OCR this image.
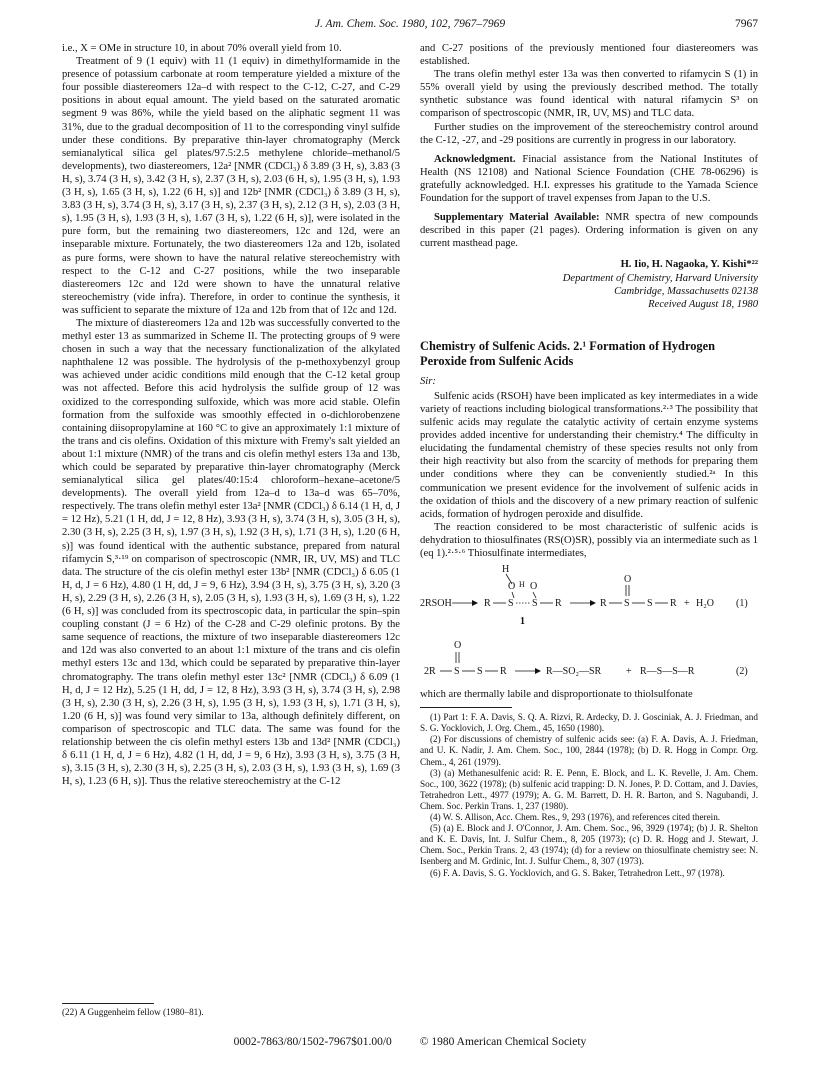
J. Am. Chem. Soc. 1980, 102, 7967–7969	7967

i.e., X = OMe in structure 10, in about 70% overall yield from 10.

Treatment of 9 (1 equiv) with 11 (1 equiv) in dimethylformamide in the presence of potassium carbonate at room temperature yielded a mixture of the four possible diastereomers 12a–d with respect to the C-12, C-27, and C-29 positions in about equal amount. The yield based on the saturated aromatic segment 9 was 86%, while the yield based on the aliphatic segment 11 was 31%, due to the gradual decomposition of 11 to the corresponding vinyl sulfide under these conditions. By preparative thin-layer chromatography (Merck semianalytical silica gel plates/97.5:2.5 methylene chloride–methanol/5 developments), two diastereomers, 12a² [NMR (CDCl₃) δ 3.89 (3 H, s), 3.83 (3 H, s), 3.74 (3 H, s), 3.42 (3 H, s), 2.37 (3 H, s), 2.03 (6 H, s), 1.95 (3 H, s), 1.93 (3 H, s), 1.65 (3 H, s), 1.22 (6 H, s)] and 12b² [NMR (CDCl₃) δ 3.89 (3 H, s), 3.83 (3 H, s), 3.74 (3 H, s), 3.17 (3 H, s), 2.37 (3 H, s), 2.12 (3 H, s), 2.03 (3 H, s), 1.95 (3 H, s), 1.93 (3 H, s), 1.67 (3 H, s), 1.22 (6 H, s)], were isolated in the pure form, but the remaining two diastereomers, 12c and 12d, were an inseparable mixture. Fortunately, the two diastereomers 12a and 12b, isolated as pure forms, were shown to have the natural relative stereochemistry with respect to the C-12 and C-27 positions, while the two inseparable diastereomers 12c and 12d were shown to have the unnatural relative stereochemistry (vide infra). Therefore, in order to continue the synthesis, it was sufficient to separate the mixture of 12a and 12b from that of 12c and 12d.

The mixture of diastereomers 12a and 12b was successfully converted to the methyl ester 13 as summarized in Scheme II. The protecting groups of 9 were chosen in such a way that the necessary functionalization of the alkylated naphthalene 12 was possible. The hydrolysis of the p-methoxybenzyl group was achieved under acidic conditions mild enough that the C-12 ketal group was not affected. Before this acid hydrolysis the sulfide group of 12 was oxidized to the corresponding sulfoxide, which was more acid stable. Olefin formation from the sulfoxide was smoothly effected in o-dichlorobenzene containing diisopropylamine at 160 °C to give an approximately 1:1 mixture of the trans and cis olefins. Oxidation of this mixture with Fremy's salt yielded an about 1:1 mixture (NMR) of the trans and cis olefin methyl esters 13a and 13b, which could be separated by preparative thin-layer chromatography (Merck semianalytical silica gel plates/40:15:4 chloroform–hexane–acetone/5 developments). The overall yield from 12a–d to 13a–d was 65–70%, respectively. The trans olefin methyl ester 13a² [NMR (CDCl₃) δ 6.14 (1 H, d, J = 12 Hz), 5.21 (1 H, dd, J = 12, 8 Hz), 3.93 (3 H, s), 3.74 (3 H, s), 3.05 (3 H, s), 2.30 (3 H, s), 2.25 (3 H, s), 1.97 (3 H, s), 1.92 (3 H, s), 1.71 (3 H, s), 1.20 (6 H, s)] was found identical with the authentic substance, prepared from natural rifamycin S,³·¹⁹ on comparison of spectroscopic (NMR, IR, UV, MS) and TLC data. The structure of the cis olefin methyl ester 13b² [NMR (CDCl₃) δ 6.05 (1 H, d, J = 6 Hz), 4.80 (1 H, dd, J = 9, 6 Hz), 3.94 (3 H, s), 3.75 (3 H, s), 3.20 (3 H, s), 2.29 (3 H, s), 2.26 (3 H, s), 2.05 (3 H, s), 1.93 (3 H, s), 1.69 (3 H, s), 1.22 (6 H, s)] was concluded from its spectroscopic data, in particular the spin–spin coupling constant (J = 6 Hz) of the C-28 and C-29 olefinic protons. By the same sequence of reactions, the mixture of two inseparable diastereomers 12c and 12d was also converted to an about 1:1 mixture of the trans and cis olefin methyl esters 13c and 13d, which could be separated by preparative thin-layer chromatography. The trans olefin methyl ester 13c² [NMR (CDCl₃) δ 6.09 (1 H, d, J = 12 Hz), 5.25 (1 H, dd, J = 12, 8 Hz), 3.93 (3 H, s), 3.74 (3 H, s), 2.98 (3 H, s), 2.30 (3 H, s), 2.26 (3 H, s), 1.95 (3 H, s), 1.93 (3 H, s), 1.71 (3 H, s), 1.20 (6 H, s)] was found very similar to 13a, although definitely different, on comparison of spectroscopic and TLC data. The same was found for the relationship between the cis olefin methyl esters 13b and 13d² [NMR (CDCl₃) δ 6.11 (1 H, d, J = 6 Hz), 4.82 (1 H, dd, J = 9, 6 Hz), 3.93 (3 H, s), 3.75 (3 H, s), 3.15 (3 H, s), 2.30 (3 H, s), 2.25 (3 H, s), 2.03 (3 H, s), 1.93 (3 H, s), 1.69 (3 H, s), 1.23 (6 H, s)]. Thus the relative stereochemistry at the C-12

(22) A Guggenheim fellow (1980–81).

and C-27 positions of the previously mentioned four diastereomers was established.

The trans olefin methyl ester 13a was then converted to rifamycin S (1) in 55% overall yield by using the previously described method. The totally synthetic substance was found identical with natural rifamycin S³ on comparison of spectroscopic (NMR, IR, UV, MS) and TLC data.

Further studies on the improvement of the stereochemistry control around the C-12, -27, and -29 positions are currently in progress in our laboratory.

Acknowledgment. Finacial assistance from the National Institutes of Health (NS 12108) and National Science Foundation (CHE 78-06296) is gratefully acknowledged. H.I. expresses his gratitude to the Yamada Science Foundation for the support of travel expenses from Japan to the U.S.

Supplementary Material Available: NMR spectra of new compounds described in this paper (21 pages). Ordering information is given on any current masthead page.

H. Iio, H. Nagaoka, Y. Kishi*²²
Department of Chemistry, Harvard University
Cambridge, Massachusetts 02138
Received August 18, 1980
Chemistry of Sulfenic Acids. 2.¹ Formation of Hydrogen Peroxide from Sulfenic Acids
Sir:

Sulfenic acids (RSOH) have been implicated as key intermediates in a wide variety of reactions including biological transformations.²·³ The possibility that sulfenic acids may regulate the catalytic activity of certain enzyme systems provides added incentive for understanding their chemistry.⁴ The difficulty in elucidating the fundamental chemistry of these species results not only from their high reactivity but also from the scarcity of methods for preparing them under conditions where they can be conveniently studied.²ᵃ In this communication we present evidence for the involvement of sulfenic acids in the oxidation of thiols and the discovery of a new primary reaction of sulfenic acids, formation of hydrogen peroxide and disulfide.

The reaction considered to be most characteristic of sulfenic acids is dehydration to thiosulfinates (RS(O)SR), possibly via an intermediate such as 1 (eq 1).²·⁵·⁶ Thiosulfinate intermediates,

2RSOH
H
O H O
R S S R
1
R S
O
S R + H₂O (1)
2R S
O
S R	R—SO₂—SR + R—S—S—R	(2)

which are thermally labile and disproportionate to thiolsulfonate

(1) Part 1: F. A. Davis, S. Q. A. Rizvi, R. Ardecky, D. J. Gosciniak, A. J. Friedman, and S. G. Yocklovich, J. Org. Chem., 45, 1650 (1980).

(2) For discussions of chemistry of sulfenic acids see: (a) F. A. Davis, A. J. Friedman, and U. K. Nadir, J. Am. Chem. Soc., 100, 2844 (1978); (b) D. R. Hogg in Compr. Org. Chem., 4, 261 (1979).

(3) (a) Methanesulfenic acid: R. E. Penn, E. Block, and L. K. Revelle, J. Am. Chem. Soc., 100, 3622 (1978); (b) sulfenic acid trapping: D. N. Jones, P. D. Cottam, and J. Davies, Tetrahedron Lett., 4977 (1979); A. G. M. Barrett, D. H. R. Barton, and S. Nagubandi, J. Chem. Soc. Perkin Trans. 1, 237 (1980).

(4) W. S. Allison, Acc. Chem. Res., 9, 293 (1976), and references cited therein.

(5) (a) E. Block and J. O'Connor, J. Am. Chem. Soc., 96, 3929 (1974); (b) J. R. Shelton and K. E. Davis, Int. J. Sulfur Chem., 8, 205 (1973); (c) D. R. Hogg and J. Stewart, J. Chem. Soc., Perkin Trans. 2, 43 (1974); (d) for a review on thiosulfinate chemistry see: N. Isenberg and M. Grdinic, Int. J. Sulfur Chem., 8, 307 (1973).

(6) F. A. Davis, S. G. Yocklovich, and G. S. Baker, Tetrahedron Lett., 97 (1978).

0002-7863/80/1502-7967$01.00/0 © 1980 American Chemical Society
